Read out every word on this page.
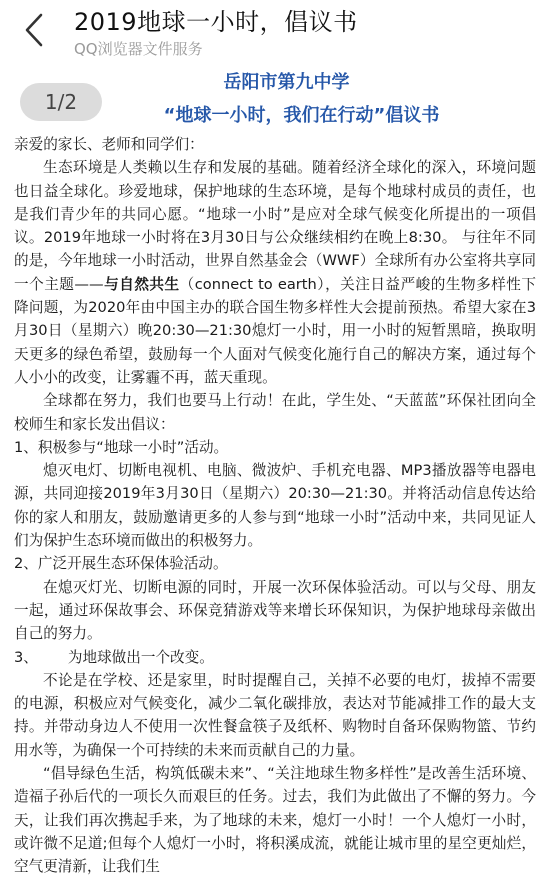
2019地球一小时，倡议书
QQ浏览器文件服务
1/2
岳阳市第九中学
“地球一小时，我们在行动”倡议书

亲爱的家长、老师和同学们：

生态环境是人类赖以生存和发展的基础。随着经济全球化的深入，环境问题也日益全球化。珍爱地球，保护地球的生态环境，是每个地球村成员的责任，也是我们青少年的共同心愿。“地球一小时”是应对全球气候变化所提出的一项倡议。2019年地球一小时将在3月30日与公众继续相约在晚上8:30。 与往年不同的是，今年地球一小时活动，世界自然基金会（WWF）全球所有办公室将共享同一个主题——与自然共生（connect to earth），关注日益严峻的生物多样性下降问题，为2020年由中国主办的联合国生物多样性大会提前预热。希望大家在3月30日（星期六）晚20:30—21:30熄灯一小时，用一小时的短暂黑暗，换取明天更多的绿色希望，鼓励每一个人面对气候变化施行自己的解决方案，通过每个人小小的改变，让雾霾不再，蓝天重现。

全球都在努力，我们也要马上行动！在此，学生处、“天蓝蓝”环保社团向全校师生和家长发出倡议：

1、积极参与“地球一小时”活动。

熄灭电灯、切断电视机、电脑、微波炉、手机充电器、MP3播放器等电器电源，共同迎接2019年3月30日（星期六）20:30—21:30。并将活动信息传达给你的家人和朋友，鼓励邀请更多的人参与到“地球一小时”活动中来，共同见证人们为保护生态环境而做出的积极努力。

2、广泛开展生态环保体验活动。

在熄灭灯光、切断电源的同时，开展一次环保体验活动。可以与父母、朋友一起，通过环保故事会、环保竞猜游戏等来增长环保知识，为保护地球母亲做出自己的努力。

3、 为地球做出一个改变。

不论是在学校、还是家里，时时提醒自己，关掉不必要的电灯，拔掉不需要的电源，积极应对气候变化，减少二氧化碳排放，表达对节能减排工作的最大支持。并带动身边人不使用一次性餐盒筷子及纸杯、购物时自备环保购物篮、节约用水等，为确保一个可持续的未来而贡献自己的力量。

“倡导绿色生活，构筑低碳未来”、“关注地球生物多样性”是改善生活环境、造福子孙后代的一项长久而艰巨的任务。过去，我们为此做出了不懈的努力。今天，让我们再次携起手来，为了地球的未来，熄灯一小时！一个人熄灯一小时，或许微不足道;但每个人熄灯一小时，将积溪成流，就能让城市里的星空更灿烂，空气更清新，让我们生
